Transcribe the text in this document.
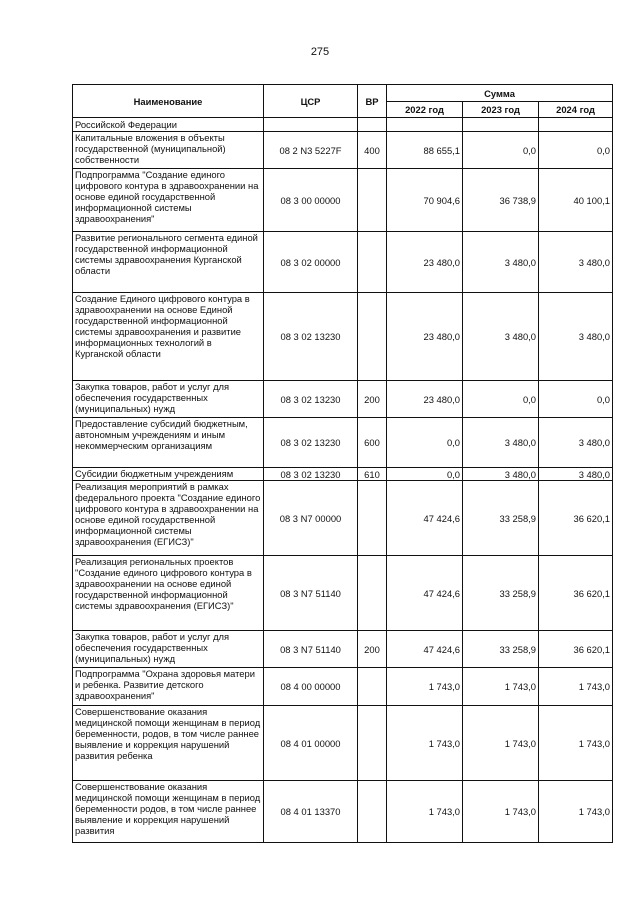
275
Наименование	ЦСР	ВР	Сумма		
			2022 год	2023 год	2024 год
Российской Федерации					
Капитальные вложения в объекты государственной (муниципальной) собственности	08 2 N3 5227F	400	88 655,1	0,0	0,0
Подпрограмма "Создание единого цифрового контура в здравоохранении на основе единой государственной информационной системы здравоохранения"	08 3 00 00000		70 904,6	36 738,9	40 100,1
Развитие регионального сегмента единой государственной информационной системы здравоохранения Курганской области	08 3 02 00000		23 480,0	3 480,0	3 480,0
Создание Единого цифрового контура в здравоохранении на основе Единой государственной информационной системы здравоохранения и развитие информационных технологий в Курганской области	08 3 02 13230		23 480,0	3 480,0	3 480,0
Закупка товаров, работ и услуг для обеспечения государственных (муниципальных) нужд	08 3 02 13230	200	23 480,0	0,0	0,0
Предоставление субсидий бюджетным, автономным учреждениям и иным некоммерческим организациям	08 3 02 13230	600	0,0	3 480,0	3 480,0
Субсидии бюджетным учреждениям	08 3 02 13230	610	0,0	3 480,0	3 480,0
Реализация мероприятий в рамках федерального проекта "Создание единого цифрового контура в здравоохранении на основе единой государственной информационной системы здравоохранения (ЕГИСЗ)"	08 3 N7 00000		47 424,6	33 258,9	36 620,1
Реализация региональных проектов "Создание единого цифрового контура в здравоохранении на основе единой государственной информационной системы здравоохранения (ЕГИСЗ)"	08 3 N7 51140		47 424,6	33 258,9	36 620,1
Закупка товаров, работ и услуг для обеспечения государственных (муниципальных) нужд	08 3 N7 51140	200	47 424,6	33 258,9	36 620,1
Подпрограмма "Охрана здоровья матери и ребенка. Развитие детского здравоохранения"	08 4 00 00000		1 743,0	1 743,0	1 743,0
Совершенствование оказания медицинской помощи женщинам в период беременности, родов, в том числе раннее выявление и коррекция нарушений развития ребенка	08 4 01 00000		1 743,0	1 743,0	1 743,0
Совершенствование оказания медицинской помощи женщинам в период беременности родов, в том числе раннее выявление и коррекция нарушений развития	08 4 01 13370		1 743,0	1 743,0	1 743,0
